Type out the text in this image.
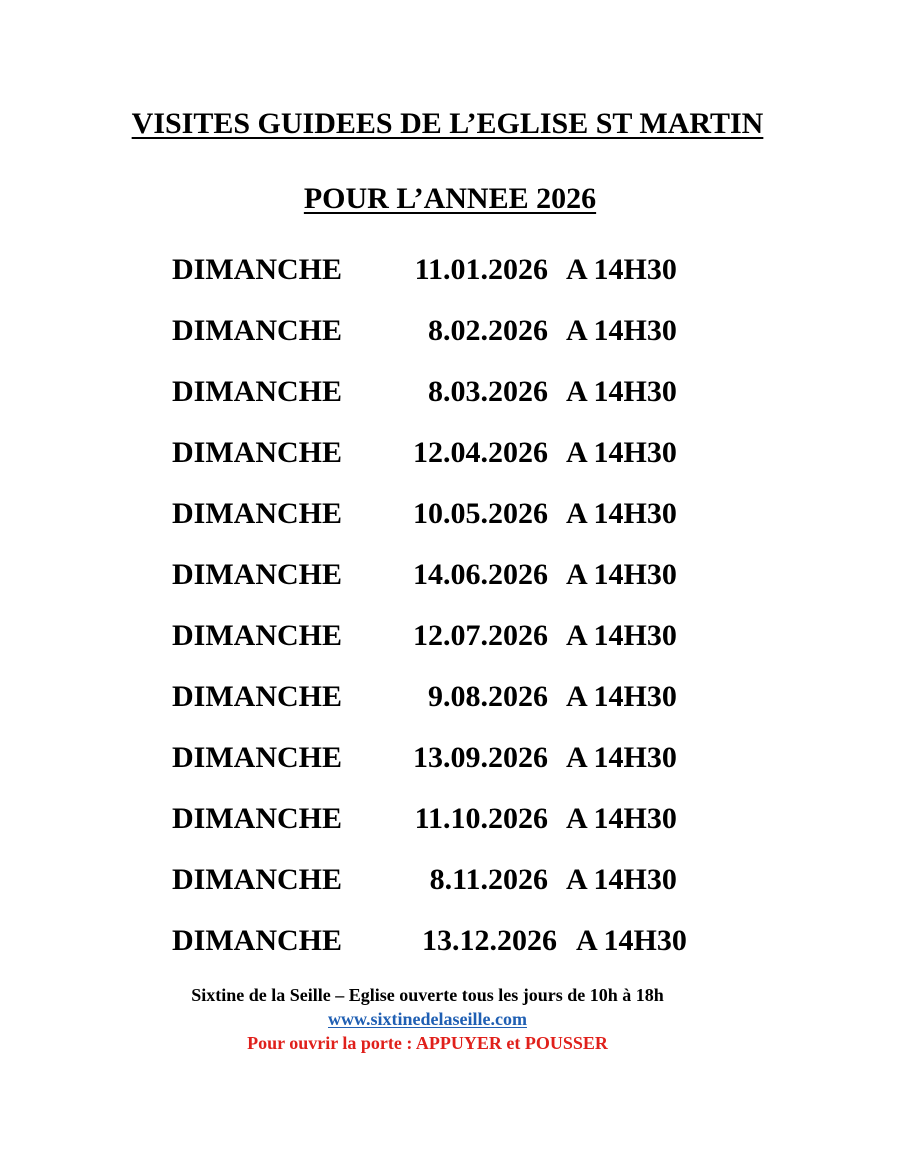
VISITES GUIDEES DE L’EGLISE ST MARTIN
POUR L’ANNEE 2026
DIMANCHE 11.01.2026 A 14H30
DIMANCHE	8.02.2026 A 14H30
DIMANCHE	8.03.2026 A 14H30
DIMANCHE 12.04.2026 A 14H30
DIMANCHE 10.05.2026 A 14H30
DIMANCHE 14.06.2026 A 14H30
DIMANCHE 12.07.2026 A 14H30
DIMANCHE	9.08.2026 A 14H30
DIMANCHE 13.09.2026 A 14H30
DIMANCHE 11.10.2026 A 14H30
DIMANCHE	8.11.2026 A 14H30
DIMANCHE	13.12.2026 A 14H30
Sixtine de la Seille – Eglise ouverte tous les jours de 10h à 18h
www.sixtinedelaseille.com
Pour ouvrir la porte : APPUYER et POUSSER
